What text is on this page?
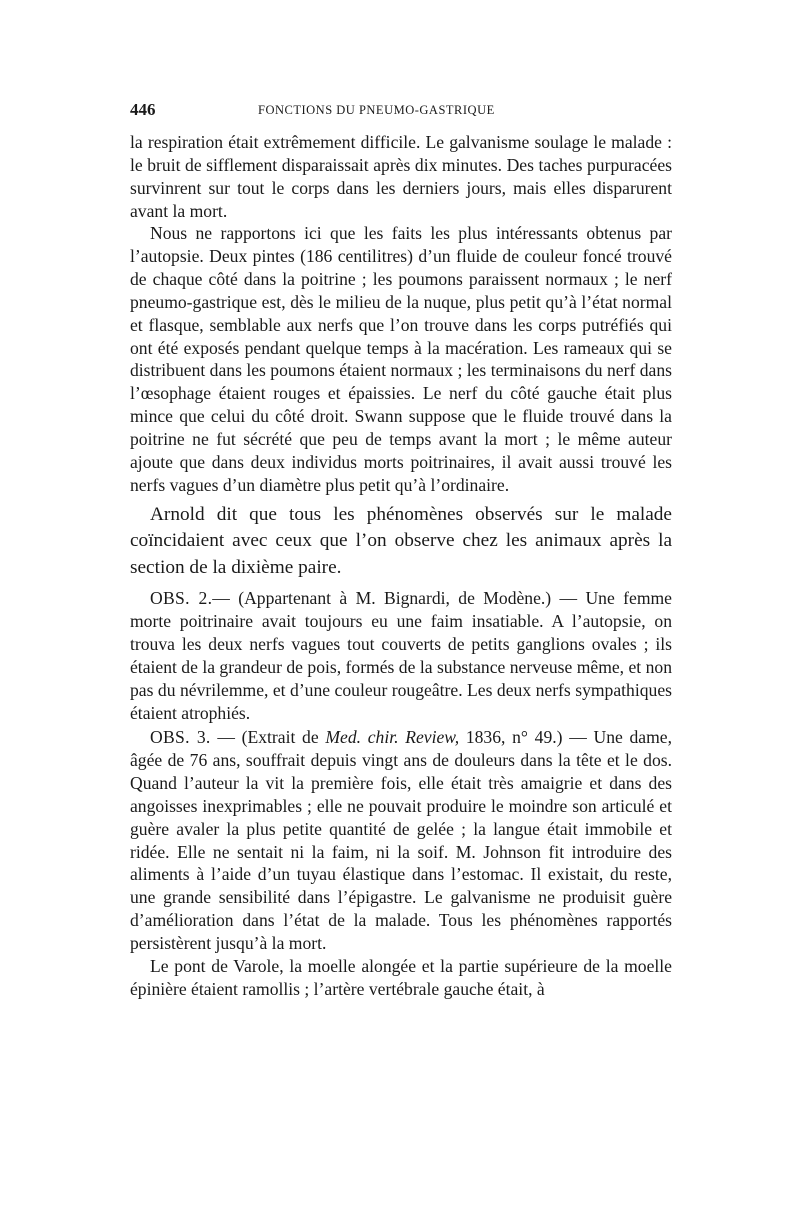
446	FONCTIONS DU PNEUMO-GASTRIQUE

la respiration était extrêmement difficile. Le galvanisme soulage le malade : le bruit de sifflement disparaissait après dix minutes. Des taches purpuracées survinrent sur tout le corps dans les derniers jours, mais elles disparurent avant la mort.

Nous ne rapportons ici que les faits les plus intéressants obtenus par l’autopsie. Deux pintes (186 centilitres) d’un fluide de couleur foncé trouvé de chaque côté dans la poitrine ; les poumons paraissent normaux ; le nerf pneumo-gastrique est, dès le milieu de la nuque, plus petit qu’à l’état normal et flasque, semblable aux nerfs que l’on trouve dans les corps putréfiés qui ont été exposés pendant quelque temps à la macération. Les rameaux qui se distribuent dans les poumons étaient normaux ; les terminaisons du nerf dans l’œsophage étaient rouges et épaissies. Le nerf du côté gauche était plus mince que celui du côté droit. Swann suppose que le fluide trouvé dans la poitrine ne fut sécrété que peu de temps avant la mort ; le même auteur ajoute que dans deux individus morts poitrinaires, il avait aussi trouvé les nerfs vagues d’un diamètre plus petit qu’à l’ordinaire.

Arnold dit que tous les phénomènes observés sur le malade coïncidaient avec ceux que l’on observe chez les animaux après la section de la dixième paire.

OBS. 2.— (Appartenant à M. Bignardi, de Modène.) — Une femme morte poitrinaire avait toujours eu une faim insatiable. A l’autopsie, on trouva les deux nerfs vagues tout couverts de petits ganglions ovales ; ils étaient de la grandeur de pois, formés de la substance nerveuse même, et non pas du névrilemme, et d’une couleur rougeâtre. Les deux nerfs sympathiques étaient atrophiés.

OBS. 3. — (Extrait de Med. chir. Review, 1836, n° 49.) — Une dame, âgée de 76 ans, souffrait depuis vingt ans de douleurs dans la tête et le dos. Quand l’auteur la vit la première fois, elle était très amaigrie et dans des angoisses inexprimables ; elle ne pouvait produire le moindre son articulé et guère avaler la plus petite quantité de gelée ; la langue était immobile et ridée. Elle ne sentait ni la faim, ni la soif. M. Johnson fit introduire des aliments à l’aide d’un tuyau élastique dans l’estomac. Il existait, du reste, une grande sensibilité dans l’épigastre. Le galvanisme ne produisit guère d’amélioration dans l’état de la malade. Tous les phénomènes rapportés persistèrent jusqu’à la mort.

Le pont de Varole, la moelle alongée et la partie supérieure de la moelle épinière étaient ramollis ; l’artère vertébrale gauche était, à
